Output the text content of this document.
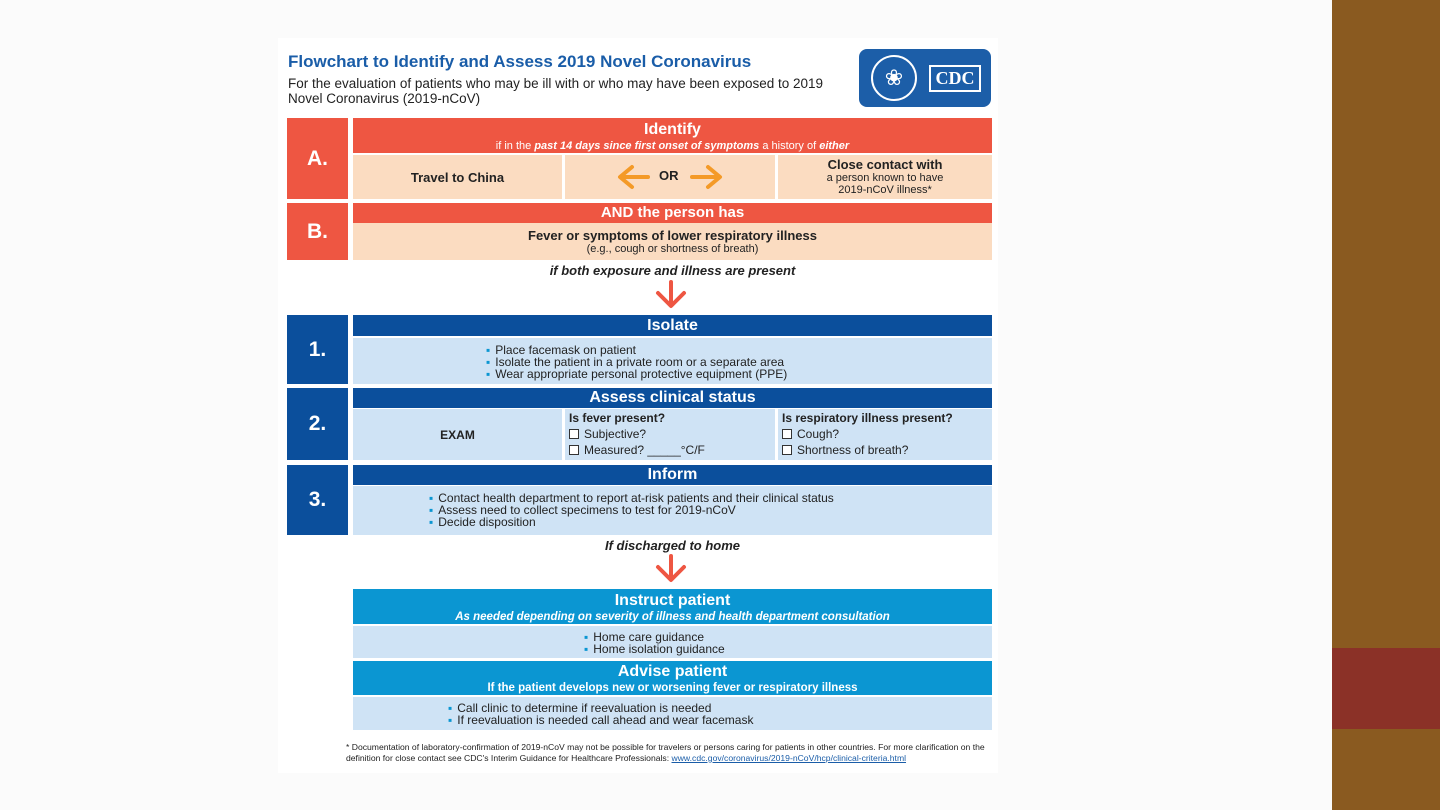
Flowchart to Identify and Assess 2019 Novel Coronavirus
For the evaluation of patients who may be ill with or who may have been exposed to 2019 Novel Coronavirus (2019-nCoV)
❀	CDC
A.
Identify
if in the past 14 days since first onset of symptoms a history of either
Travel to China	OR
Close contact with
a person known to have
2019-nCoV illness*
B.
AND the person has
Fever or symptoms of lower respiratory illness
(e.g., cough or shortness of breath)
if both exposure and illness are present
1.
Isolate
▪ Place facemask on patient
▪ Isolate the patient in a private room or a separate area
▪ Wear appropriate personal protective equipment (PPE)
2.
Assess clinical status
EXAM
Is fever present?
Subjective?
Measured? _____°C/F
Is respiratory illness present?
Cough?
Shortness of breath?
3.
Inform
▪ Contact health department to report at-risk patients and their clinical status
▪ Assess need to collect specimens to test for 2019-nCoV
▪ Decide disposition
If discharged to home
Instruct patient
As needed depending on severity of illness and health department consultation
▪ Home care guidance
▪ Home isolation guidance
Advise patient
If the patient develops new or worsening fever or respiratory illness
▪ Call clinic to determine if reevaluation is needed
▪ If reevaluation is needed call ahead and wear facemask
* Documentation of laboratory-confirmation of 2019-nCoV may not be possible for travelers or persons caring for patients in other countries. For more clarification on the definition for close contact see CDC's Interim Guidance for Healthcare Professionals: www.cdc.gov/coronavirus/2019-nCoV/hcp/clinical-criteria.html
